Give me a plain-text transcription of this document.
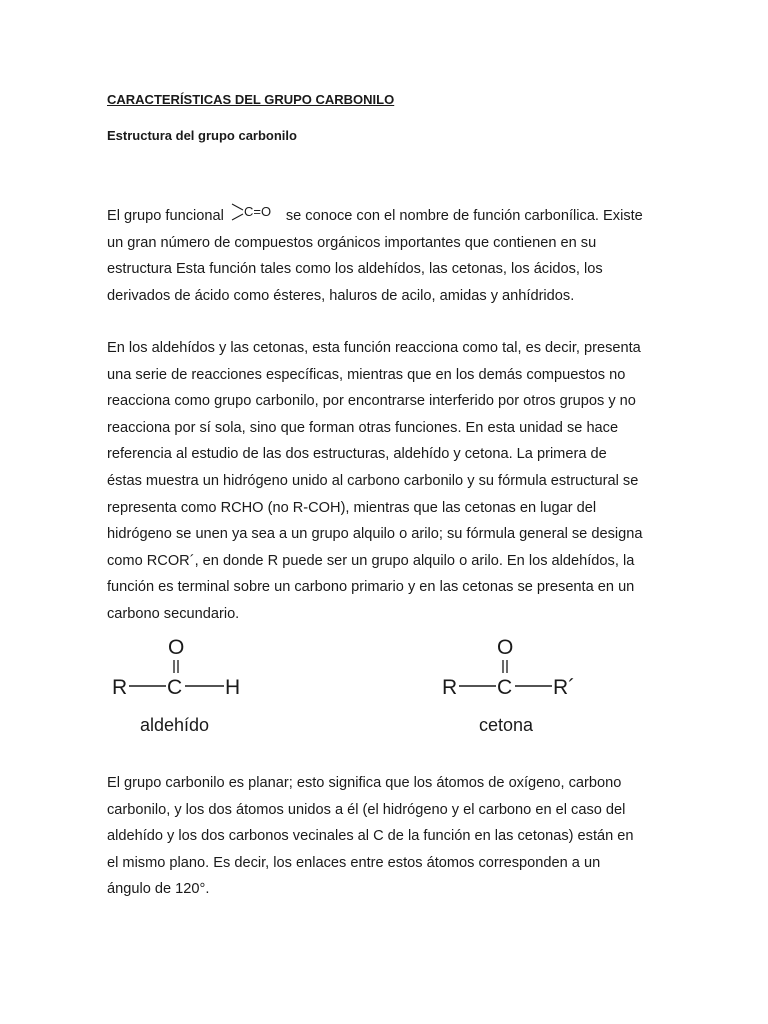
CARACTERÍSTICAS DEL GRUPO CARBONILO
Estructura del grupo carbonilo
El grupo funcional C=O se conoce con el nombre de función carbonílica. Existe
un gran número de compuestos orgánicos importantes que contienen en su
estructura Esta función tales como los aldehídos, las cetonas, los ácidos, los
derivados de ácido como ésteres, haluros de acilo, amidas y anhídridos.
En los aldehídos y las cetonas, esta función reacciona como tal, es decir, presenta
una serie de reacciones específicas, mientras que en los demás compuestos no
reacciona como grupo carbonilo, por encontrarse interferido por otros grupos y no
reacciona por sí sola, sino que forman otras funciones. En esta unidad se hace
referencia al estudio de las dos estructuras, aldehído y cetona. La primera de
éstas muestra un hidrógeno unido al carbono carbonilo y su fórmula estructural se
representa como RCHO (no R-COH), mientras que las cetonas en lugar del
hidrógeno se unen ya sea a un grupo alquilo o arilo; su fórmula general se designa
como RCOR´, en donde R puede ser un grupo alquilo o arilo. En los aldehídos, la
función es terminal sobre un carbono primario y en las cetonas se presenta en un
carbono secundario.
O
R C H
aldehído
O
R C R´
cetona
El grupo carbonilo es planar; esto significa que los átomos de oxígeno, carbono
carbonilo, y los dos átomos unidos a él (el hidrógeno y el carbono en el caso del
aldehído y los dos carbonos vecinales al C de la función en las cetonas) están en
el mismo plano. Es decir, los enlaces entre estos átomos corresponden a un
ángulo de 120°.
